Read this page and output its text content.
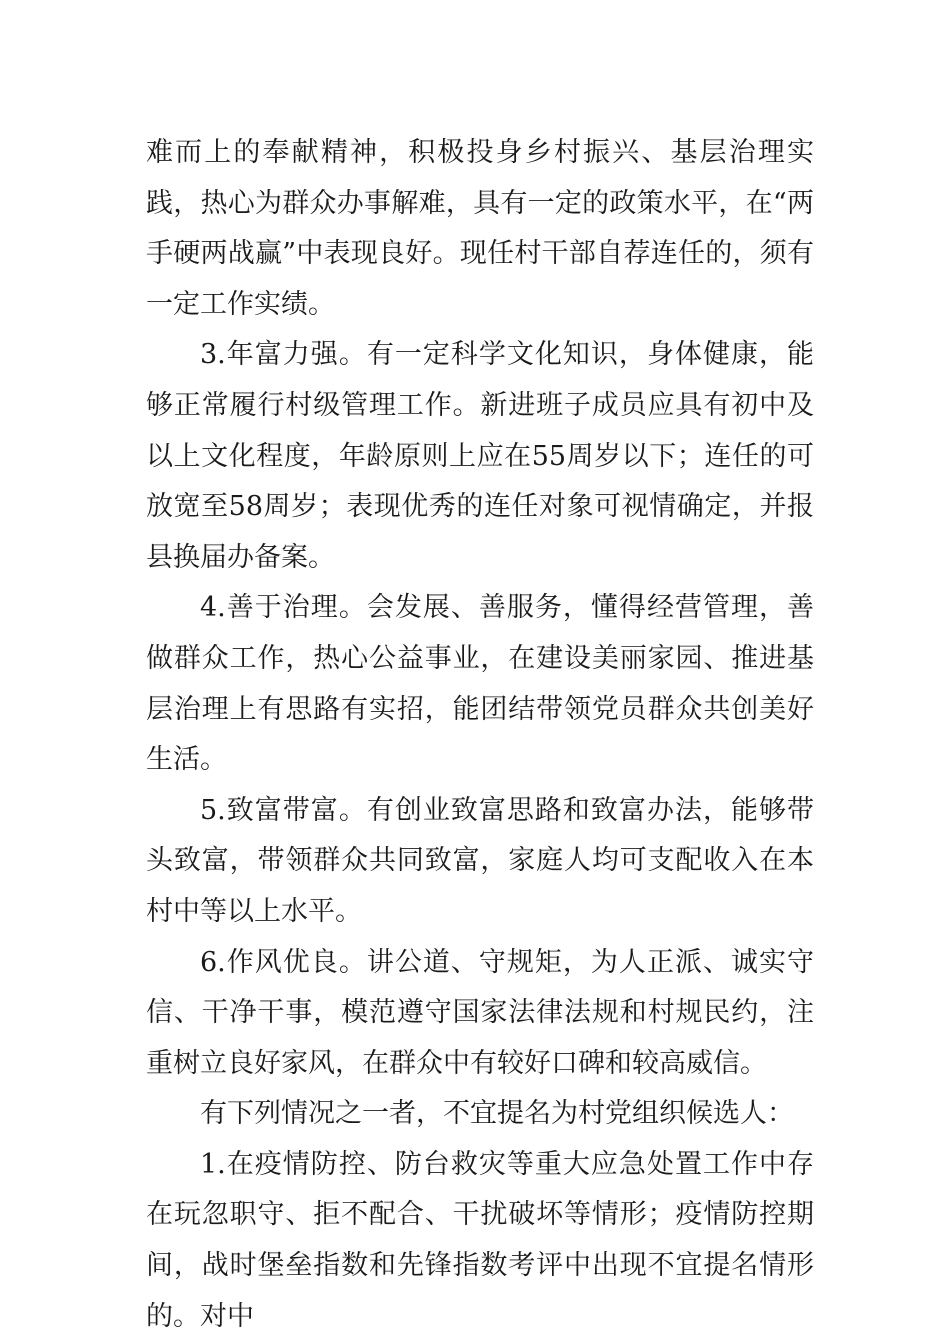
难而上的奉献精神，积极投身乡村振兴、基层治理实践，热心为群众办事解难，具有一定的政策水平，在“两手硬两战赢”中表现良好。现任村干部自荐连任的，须有一定工作实绩。

3.年富力强。有一定科学文化知识，身体健康，能够正常履行村级管理工作。新进班子成员应具有初中及以上文化程度，年龄原则上应在55周岁以下；连任的可放宽至58周岁；表现优秀的连任对象可视情确定，并报县换届办备案。

4.善于治理。会发展、善服务，懂得经营管理，善做群众工作，热心公益事业，在建设美丽家园、推进基层治理上有思路有实招，能团结带领党员群众共创美好生活。

5.致富带富。有创业致富思路和致富办法，能够带头致富，带领群众共同致富，家庭人均可支配收入在本村中等以上水平。

6.作风优良。讲公道、守规矩，为人正派、诚实守信、干净干事，模范遵守国家法律法规和村规民约，注重树立良好家风，在群众中有较好口碑和较高威信。

有下列情况之一者，不宜提名为村党组织候选人：

1.在疫情防控、防台救灾等重大应急处置工作中存在玩忽职守、拒不配合、干扰破坏等情形；疫情防控期间，战时堡垒指数和先锋指数考评中出现不宜提名情形的。对中
